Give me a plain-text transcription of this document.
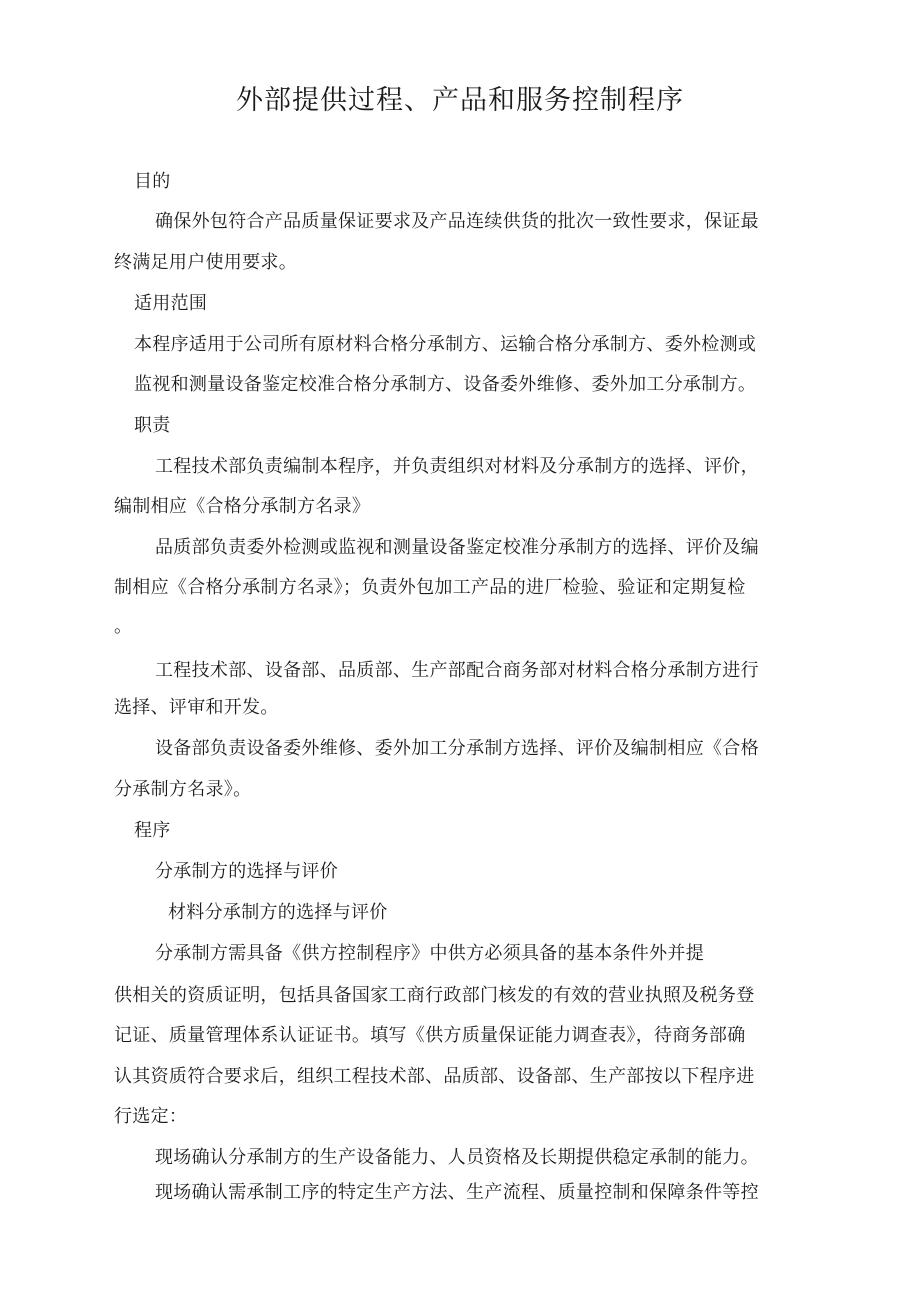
外部提供过程、产品和服务控制程序

目的

确保外包符合产品质量保证要求及产品连续供货的批次一致性要求，保证最

终满足用户使用要求。

适用范围

本程序适用于公司所有原材料合格分承制方、运输合格分承制方、委外检测或

监视和测量设备鉴定校准合格分承制方、设备委外维修、委外加工分承制方。

职责

工程技术部负责编制本程序，并负责组织对材料及分承制方的选择、评价，

编制相应《合格分承制方名录》

品质部负责委外检测或监视和测量设备鉴定校准分承制方的选择、评价及编

制相应《合格分承制方名录》；负责外包加工产品的进厂检验、验证和定期复检

。

工程技术部、设备部、品质部、生产部配合商务部对材料合格分承制方进行

选择、评审和开发。

设备部负责设备委外维修、委外加工分承制方选择、评价及编制相应《合格

分承制方名录》。

程序

分承制方的选择与评价

材料分承制方的选择与评价

分承制方需具备《供方控制程序》中供方必须具备的基本条件外并提

供相关的资质证明，包括具备国家工商行政部门核发的有效的营业执照及税务登

记证、质量管理体系认证证书。填写《供方质量保证能力调查表》，待商务部确

认其资质符合要求后，组织工程技术部、品质部、设备部、生产部按以下程序进

行选定：

现场确认分承制方的生产设备能力、人员资格及长期提供稳定承制的能力。

现场确认需承制工序的特定生产方法、生产流程、质量控制和保障条件等控
